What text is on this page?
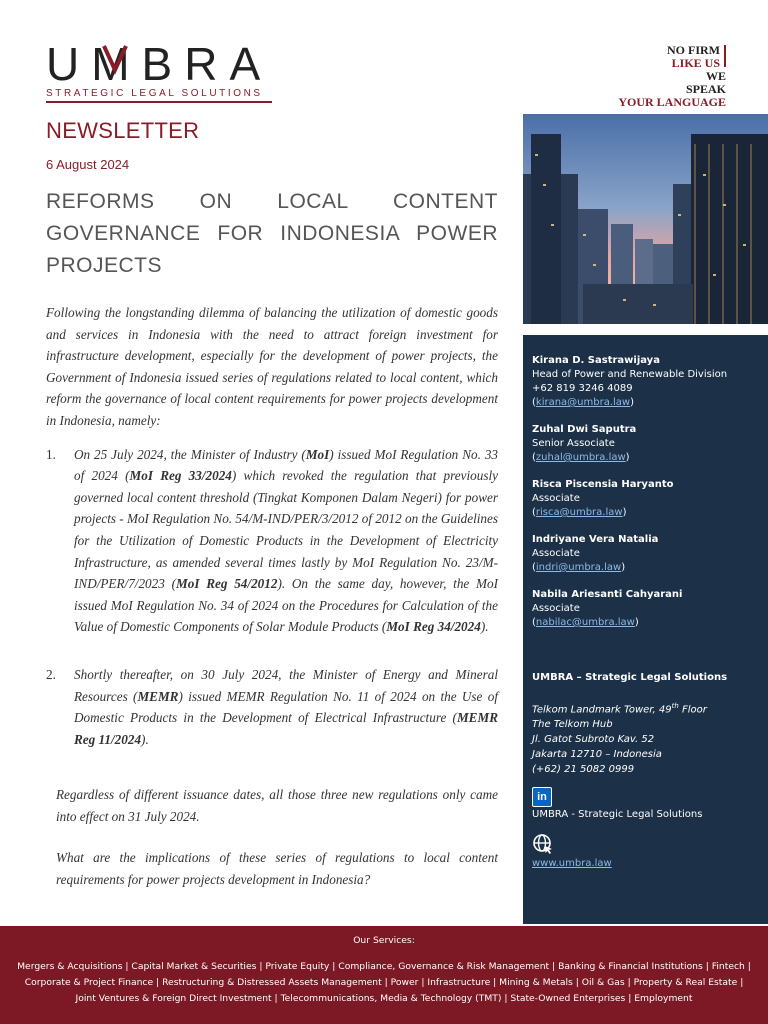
UMBRA
STRATEGIC LEGAL SOLUTIONS
NO FIRM
LIKE US
WE
SPEAK
YOUR LANGUAGE
NEWSLETTER
6 August 2024
REFORMS ON LOCAL CONTENT GOVERNANCE FOR INDONESIA POWER PROJECTS

Following the longstanding dilemma of balancing the utilization of domestic goods and services in Indonesia with the need to attract foreign investment for infrastructure development, especially for the development of power projects, the Government of Indonesia issued series of regulations related to local content, which reform the governance of local content requirements for power projects development in Indonesia, namely:

1. On 25 July 2024, the Minister of Industry (MoI) issued MoI Regulation No. 33 of 2024 (MoI Reg 33/2024) which revoked the regulation that previously governed local content threshold (Tingkat Komponen Dalam Negeri) for power projects - MoI Regulation No. 54/M-IND/PER/3/2012 of 2012 on the Guidelines for the Utilization of Domestic Products in the Development of Electricity Infrastructure, as amended several times lastly by MoI Regulation No. 23/M-IND/PER/7/2023 (MoI Reg 54/2012). On the same day, however, the MoI issued MoI Regulation No. 34 of 2024 on the Procedures for Calculation of the Value of Domestic Components of Solar Module Products (MoI Reg 34/2024).
2. Shortly thereafter, on 30 July 2024, the Minister of Energy and Mineral Resources (MEMR) issued MEMR Regulation No. 11 of 2024 on the Use of Domestic Products in the Development of Electrical Infrastructure (MEMR Reg 11/2024).

Regardless of different issuance dates, all those three new regulations only came into effect on 31 July 2024.

What are the implications of these series of regulations to local content requirements for power projects development in Indonesia?

Kirana D. Sastrawijaya
Head of Power and Renewable Division
+62 819 3246 4089
(kirana@umbra.law)
Zuhal Dwi Saputra
Senior Associate
(zuhal@umbra.law)
Risca Piscensia Haryanto
Associate
(risca@umbra.law)
Indriyane Vera Natalia
Associate
(indri@umbra.law)
Nabila Ariesanti Cahyarani
Associate
(nabilac@umbra.law)
UMBRA – Strategic Legal Solutions
Telkom Landmark Tower, 49th Floor
The Telkom Hub
Jl. Gatot Subroto Kav. 52
Jakarta 12710 – Indonesia
(+62) 21 5082 0999
in
UMBRA - Strategic Legal Solutions
www.umbra.law
Our Services:
Mergers & Acquisitions | Capital Market & Securities | Private Equity | Compliance, Governance & Risk Management | Banking & Financial Institutions | Fintech | Corporate & Project Finance | Restructuring & Distressed Assets Management | Power | Infrastructure | Mining & Metals | Oil & Gas | Property & Real Estate | Joint Ventures & Foreign Direct Investment | Telecommunications, Media & Technology (TMT) | State-Owned Enterprises | Employment
